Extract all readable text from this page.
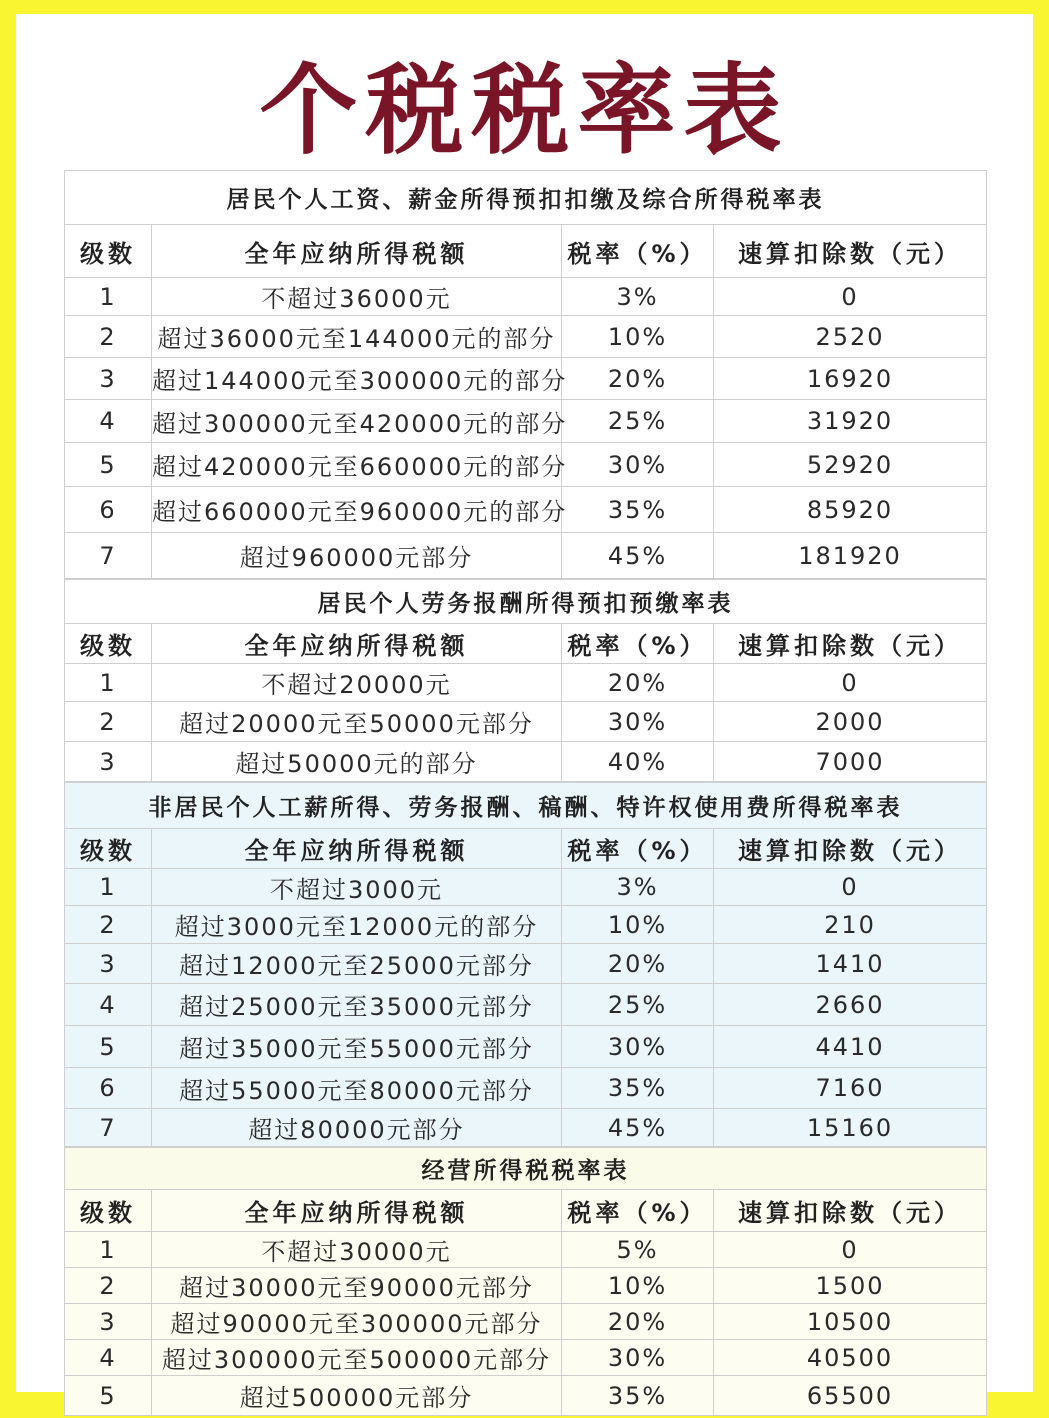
个税税率表
居民个人工资、薪金所得预扣扣缴及综合所得税率表			
级数	全年应纳所得税额	税率（%）	速算扣除数（元）
1	不超过36000元	3%	0
2	超过36000元至144000元的部分	10%	2520
3	超过144000元至300000元的部分	20%	16920
4	超过300000元至420000元的部分	25%	31920
5	超过420000元至660000元的部分	30%	52920
6	超过660000元至960000元的部分	35%	85920
7	超过960000元部分	45%	181920
居民个人劳务报酬所得预扣预缴率表			
级数	全年应纳所得税额	税率（%）	速算扣除数（元）
1	不超过20000元	20%	0
2	超过20000元至50000元部分	30%	2000
3	超过50000元的部分	40%	7000
非居民个人工薪所得、劳务报酬、稿酬、特许权使用费所得税率表			
级数	全年应纳所得税额	税率（%）	速算扣除数（元）
1	不超过3000元	3%	0
2	超过3000元至12000元的部分	10%	210
3	超过12000元至25000元部分	20%	1410
4	超过25000元至35000元部分	25%	2660
5	超过35000元至55000元部分	30%	4410
6	超过55000元至80000元部分	35%	7160
7	超过80000元部分	45%	15160
经营所得税税率表			
级数	全年应纳所得税额	税率（%）	速算扣除数（元）
1	不超过30000元	5%	0
2	超过30000元至90000元部分	10%	1500
3	超过90000元至300000元部分	20%	10500
4	超过300000元至500000元部分	30%	40500
5	超过500000元部分	35%	65500
